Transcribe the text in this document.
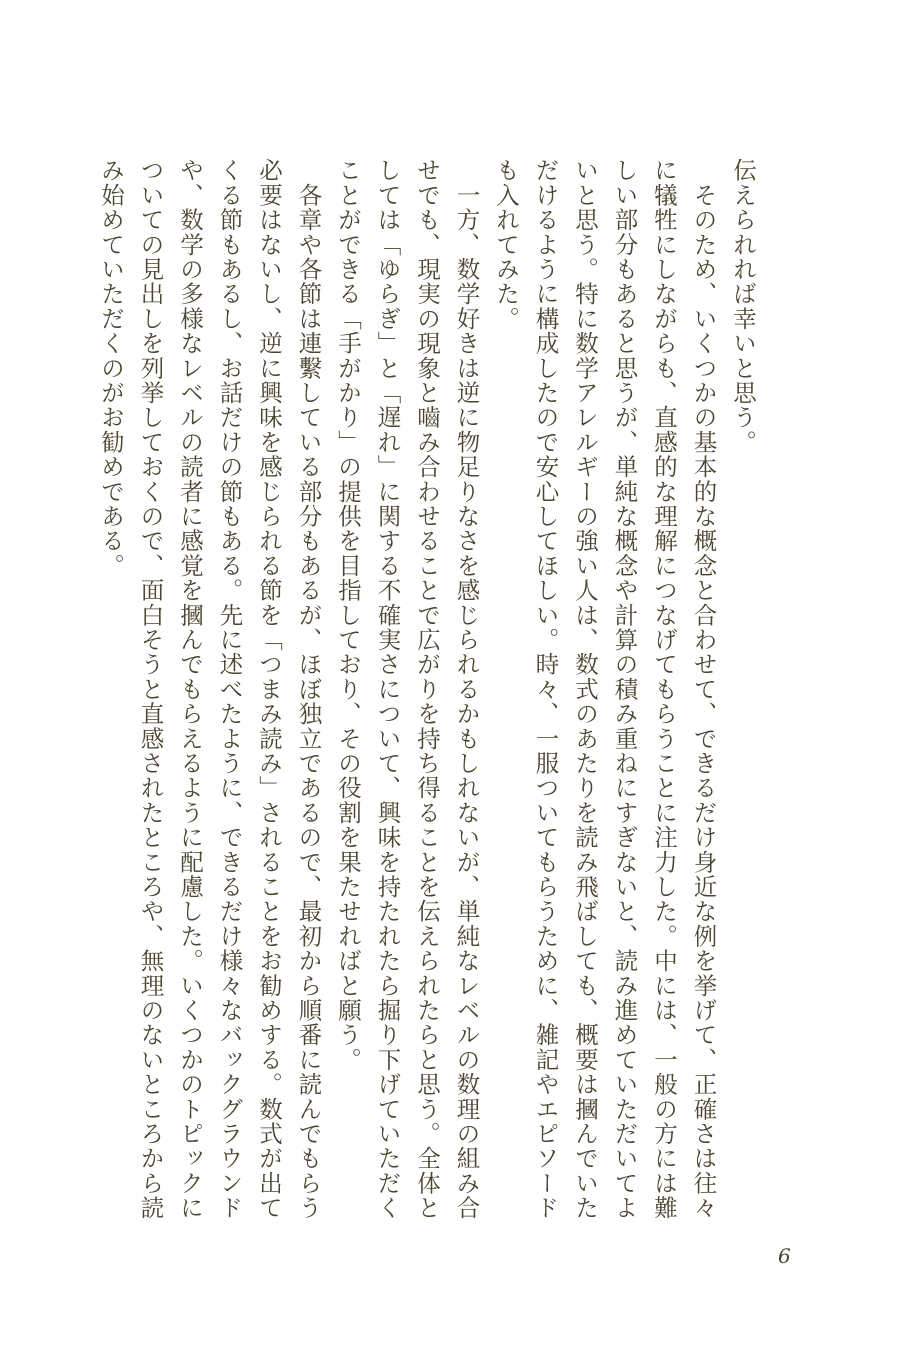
伝えられれば幸いと思う。

　そのため、いくつかの基本的な概念と合わせて、できるだけ身近な例を挙げて、正確さは往々

に犠牲にしながらも、直感的な理解につなげてもらうことに注力した。中には、一般の方には難

しい部分もあると思うが、単純な概念や計算の積み重ねにすぎないと、読み進めていただいてよ

いと思う。特に数学アレルギーの強い人は、数式のあたりを読み飛ばしても、概要は摑んでいた

だけるように構成したので安心してほしい。時々、一服ついてもらうために、雑記やエピソード

も入れてみた。

　一方、数学好きは逆に物足りなさを感じられるかもしれないが、単純なレベルの数理の組み合

せでも、現実の現象と嚙み合わせることで広がりを持ち得ることを伝えられたらと思う。全体と

しては「ゆらぎ」と「遅れ」に関する不確実さについて、興味を持たれたら掘り下げていただく

ことができる「手がかり」の提供を目指しており、その役割を果たせればと願う。

　各章や各節は連繫している部分もあるが、ほぼ独立であるので、最初から順番に読んでもらう

必要はないし、逆に興味を感じられる節を「つまみ読み」されることをお勧めする。数式が出て

くる節もあるし、お話だけの節もある。先に述べたように、できるだけ様々なバックグラウンド

や、数学の多様なレベルの読者に感覚を摑んでもらえるように配慮した。いくつかのトピックに

ついての見出しを列挙しておくので、面白そうと直感されたところや、無理のないところから読

み始めていただくのがお勧めである。

6
